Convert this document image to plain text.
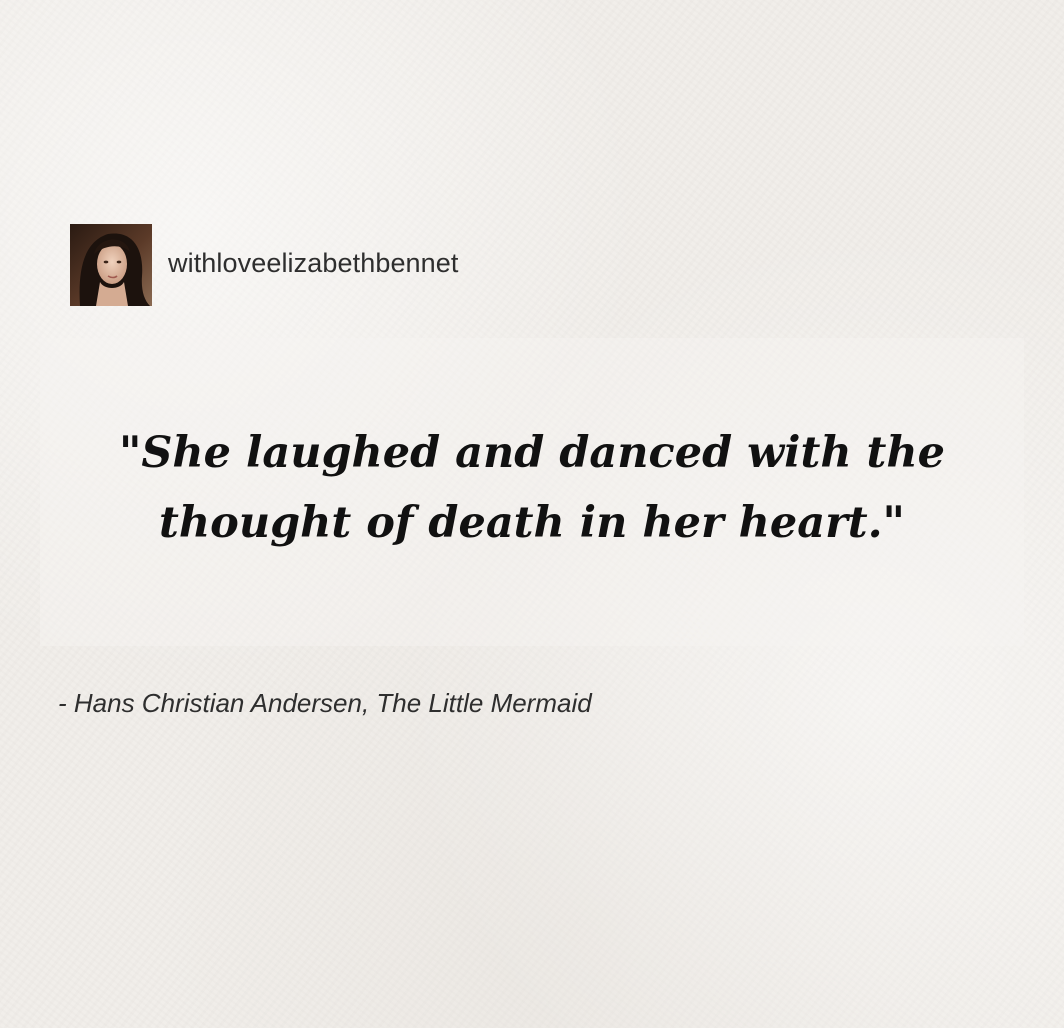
withloveelizabethbennet

"She laughed and danced with the
thought of death in her heart."

- Hans Christian Andersen, The Little Mermaid
